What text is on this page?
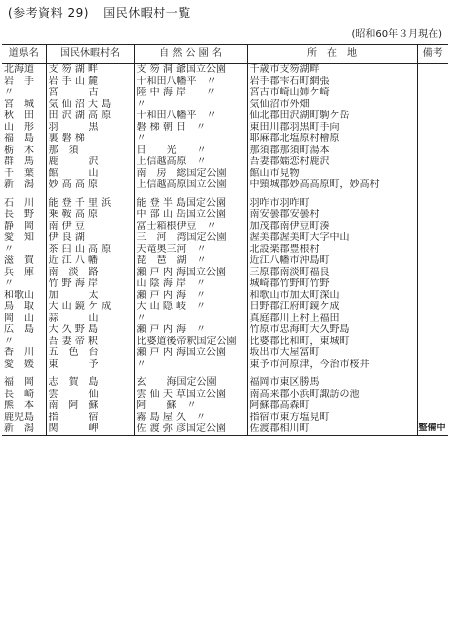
(参考資料 29) 国民休暇村一覧
(昭和60年３月現在)
道県名	国民休暇村名	自 然 公 園 名	所　在　地	備考
北海道	支 笏 湖 畔	支 笏 洞 爺国立公園	千歳市支笏湖畔	
岩　手	岩 手 山 麓	十和田八幡平　〃	岩手郡雫石町網張	
〃	宮　　　古	陸 中 海 岸　　〃	宮古市崎山姉ケ崎	
宮　城	気 仙 沼 大 島	〃	気仙沼市外畑	
秋　田	田 沢 湖 高 原	十和田八幡平　〃	仙北郡田沢湖町駒ケ岳	
山　形	羽　　　黒	磐 梯 朝 日　〃	東田川郡羽黒町手向	
福　島	裏 磐 梯	〃	耶麻郡北塩原村檜原	
栃　木	那　須	日　　光　　〃	那須郡那須町湯本	
群　馬	鹿　　　沢	上信越高原　〃	吾妻郡嬬恋村鹿沢	
千　葉	館　　　山	南　房　総国定公園	館山市見物	
新　潟	妙 高 高 原	上信越高原国立公園	中頸城郡妙高高原町，妙高村	
石　川	能 登 千 里 浜	能 登 半 島国定公園	羽咋市羽咋町	
長　野	乗 鞍 高 原	中 部 山 岳国立公園	南安曇郡安曇村	
静　岡	南 伊 豆	富士箱根伊豆　〃	加茂郡南伊豆町湊	
愛　知	伊 良 湖	三　河　湾国定公園	渥美郡渥美町大字中山	
〃	茶 臼 山 高 原	天竜奥三河　〃	北設楽郡豊根村	
滋　賀	近 江 八 幡	琵　琶　湖　〃	近江八幡市沖島町	
兵　庫	南　淡　路	瀬 戸 内 海国立公園	三原郡南淡町福良	
〃	竹 野 海 岸	山 陰 海 岸　〃	城崎郡竹野町竹野	
和歌山	加　　　太	瀬 戸 内 海　〃	和歌山市加太町深山	
鳥　取	大 山 鏡 ケ 成	大 山 隠 岐　〃	日野郡江府町鏡ケ成	
岡　山	蒜　　　山	〃	真庭郡川上村上福田	
広　島	大 久 野 島	瀬 戸 内 海　〃	竹原市忠海町大久野島	
〃	吾 妻 帝 釈	比婆道後帝釈国定公園	比婆郡比和町，東城町	
香　川	五　色　台	瀬 戸 内 海国立公園	坂出市大屋冨町	
愛　媛	東　　　予	〃	東予市河原津，今治市桜井	
福　岡	志　賀　島	玄　　海国定公園	福岡市東区勝馬	
長　崎	雲　　　仙	雲 仙 天 草国立公園	南高来郡小浜町諏訪の池	
熊　本	南　阿　蘇	阿　　蘇　〃	阿蘇郡高森町	
鹿児島	指　　　宿	霧 島 屋 久　〃	指宿市東方塩見町	
新　潟	関　　　岬	佐 渡 弥 彦国定公園	佐渡郡相川町	整備中
